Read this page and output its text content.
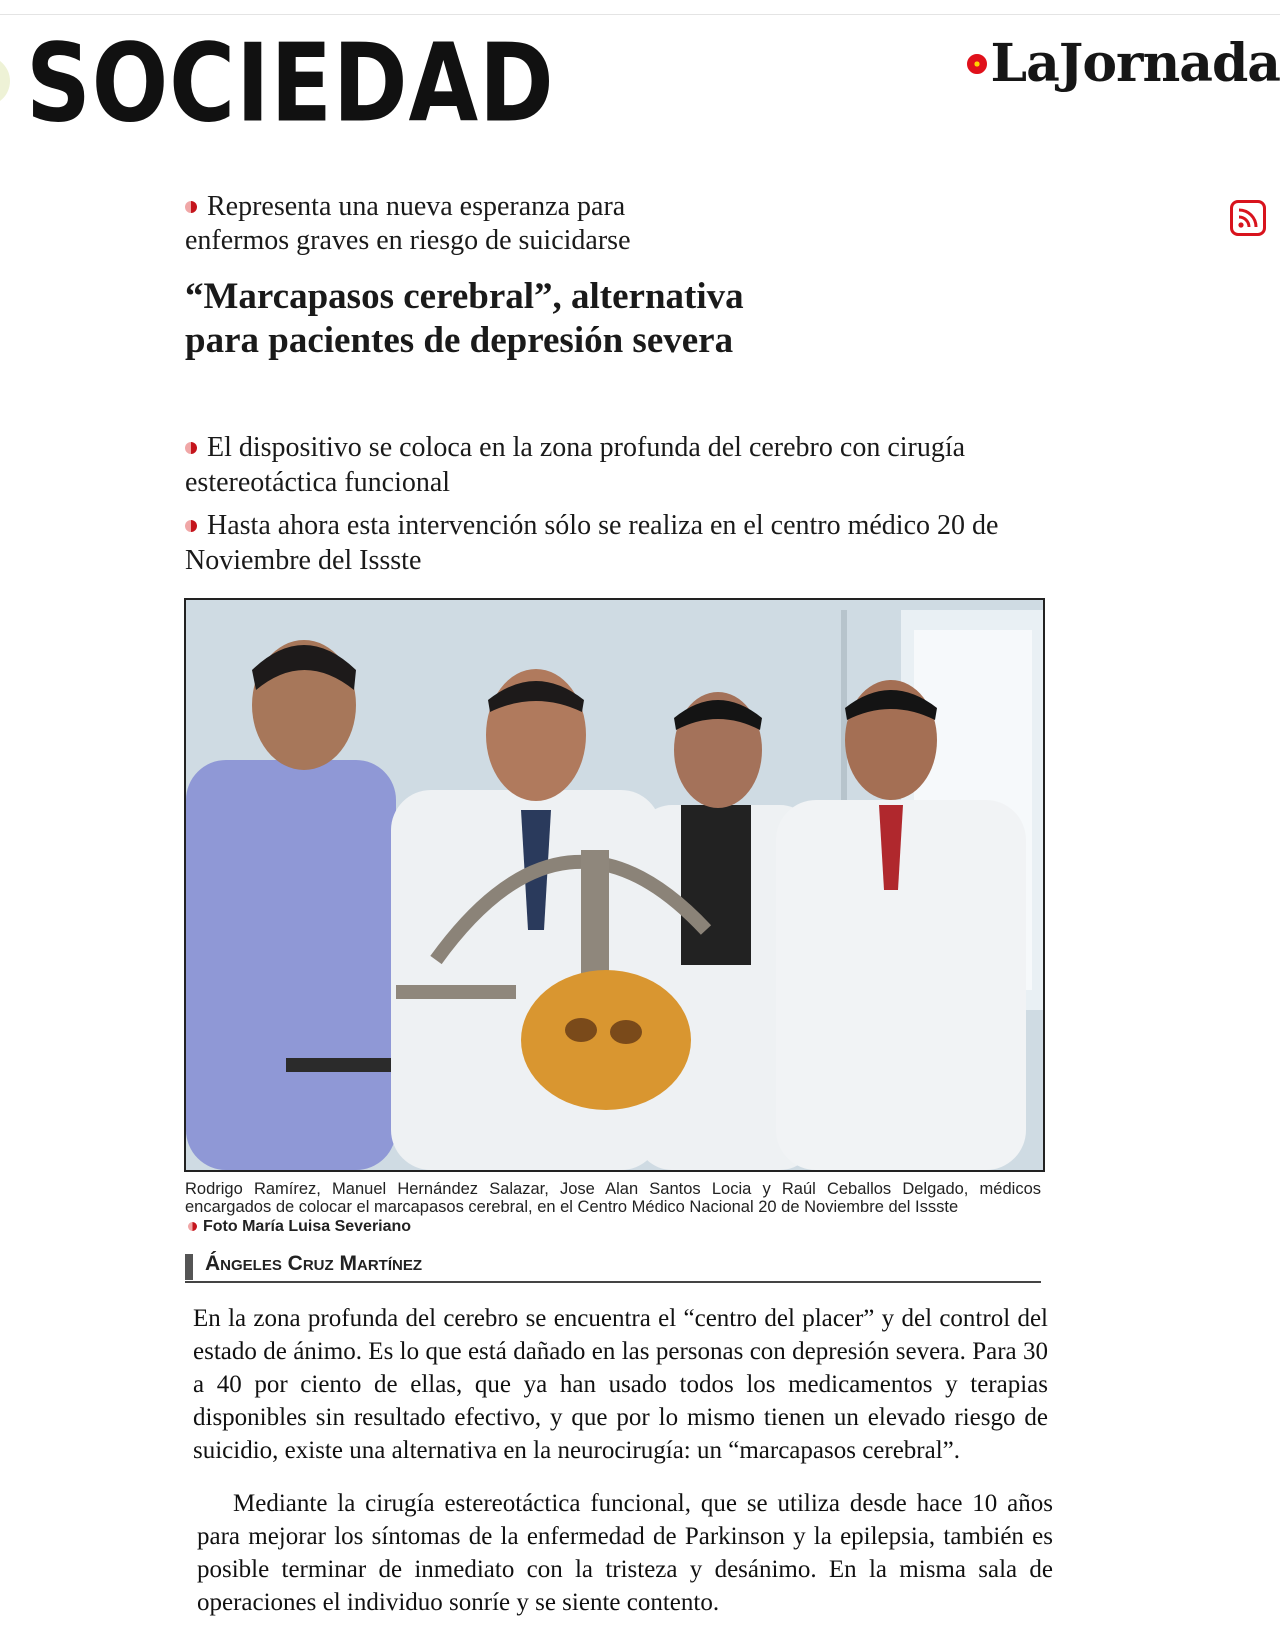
SOCIEDAD	LaJornada

Representa una nueva esperanza para enfermos graves en riesgo de suicidarse

“Marcapasos cerebral”, alternativa para pacientes de depresión severa

El dispositivo se coloca en la zona profunda del cerebro con cirugía estereotáctica funcional

Hasta ahora esta intervención sólo se realiza en el centro médico 20 de Noviembre del Issste

Rodrigo Ramírez, Manuel Hernández Salazar, Jose Alan Santos Locia y Raúl Ceballos Delgado, médicos encargados de colocar el marcapasos cerebral, en el Centro Médico Nacional 20 de Noviembre del Issste

Foto María Luisa Severiano
Ángeles Cruz Martínez

En la zona profunda del cerebro se encuentra el “centro del placer” y del control del estado de ánimo. Es lo que está dañado en las personas con depresión severa. Para 30 a 40 por ciento de ellas, que ya han usado todos los medicamentos y terapias disponibles sin resultado efectivo, y que por lo mismo tienen un elevado riesgo de suicidio, existe una alternativa en la neurocirugía: un “marcapasos cerebral”.

Mediante la cirugía estereotáctica funcional, que se utiliza desde hace 10 años para mejorar los síntomas de la enfermedad de Parkinson y la epilepsia, también es posible terminar de inmediato con la tristeza y desánimo. En la misma sala de operaciones el individuo sonríe y se siente contento.
